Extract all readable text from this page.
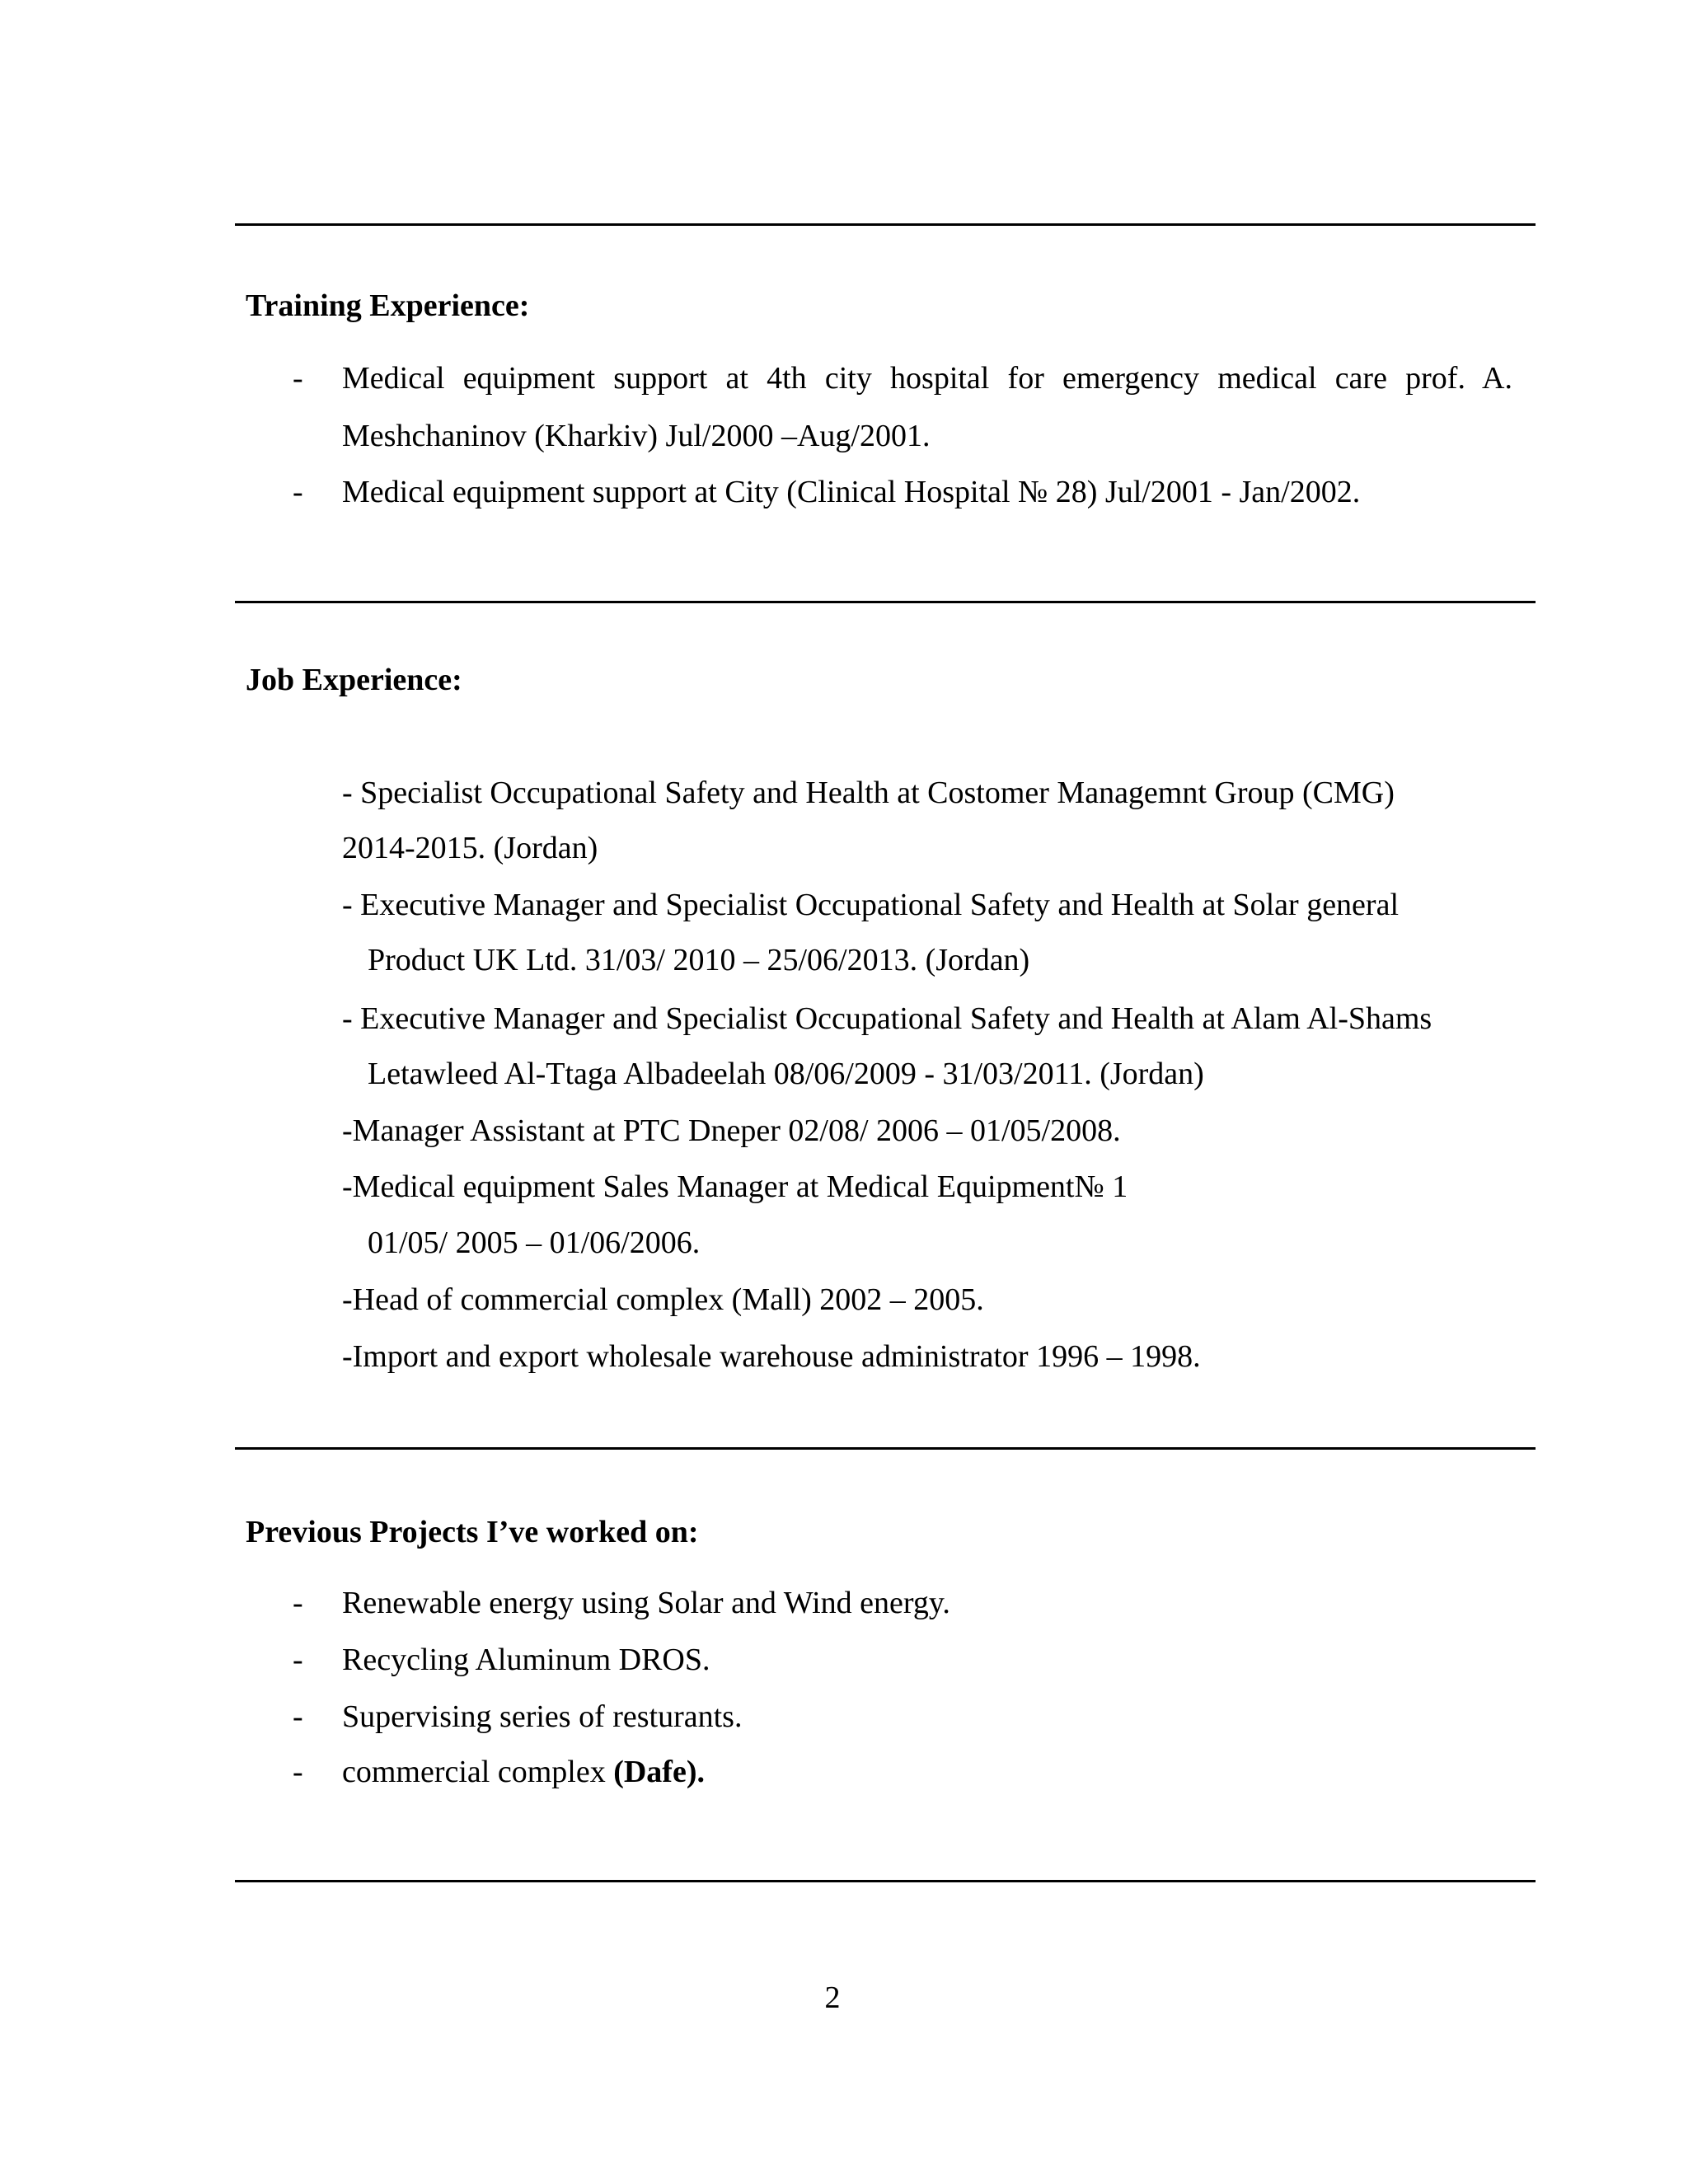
Training Experience:
- Medical equipment support at 4th city hospital for emergency medical care prof. A.
Meshchaninov (Kharkiv) Jul/2000 –Aug/2001.
- Medical equipment support at City (Clinical Hospital № 28) Jul/2001 - Jan/2002.
Job Experience:
- Specialist Occupational Safety and Health at Costomer Managemnt Group (CMG)
2014-2015. (Jordan)
- Executive Manager and Specialist Occupational Safety and Health at Solar general
Product UK Ltd. 31/03/ 2010 – 25/06/2013. (Jordan)
- Executive Manager and Specialist Occupational Safety and Health at Alam Al-Shams
Letawleed Al-Ttaga Albadeelah 08/06/2009 - 31/03/2011. (Jordan)
-Manager Assistant at PTC Dneper 02/08/ 2006 – 01/05/2008.
-Medical equipment Sales Manager at Medical Equipment№ 1
01/05/ 2005 – 01/06/2006.
-Head of commercial complex (Mall) 2002 – 2005.
-Import and export wholesale warehouse administrator 1996 – 1998.
Previous Projects I’ve worked on:
- Renewable energy using Solar and Wind energy.
- Recycling Aluminum DROS.
- Supervising series of resturants.
- commercial complex (Dafe).
2
